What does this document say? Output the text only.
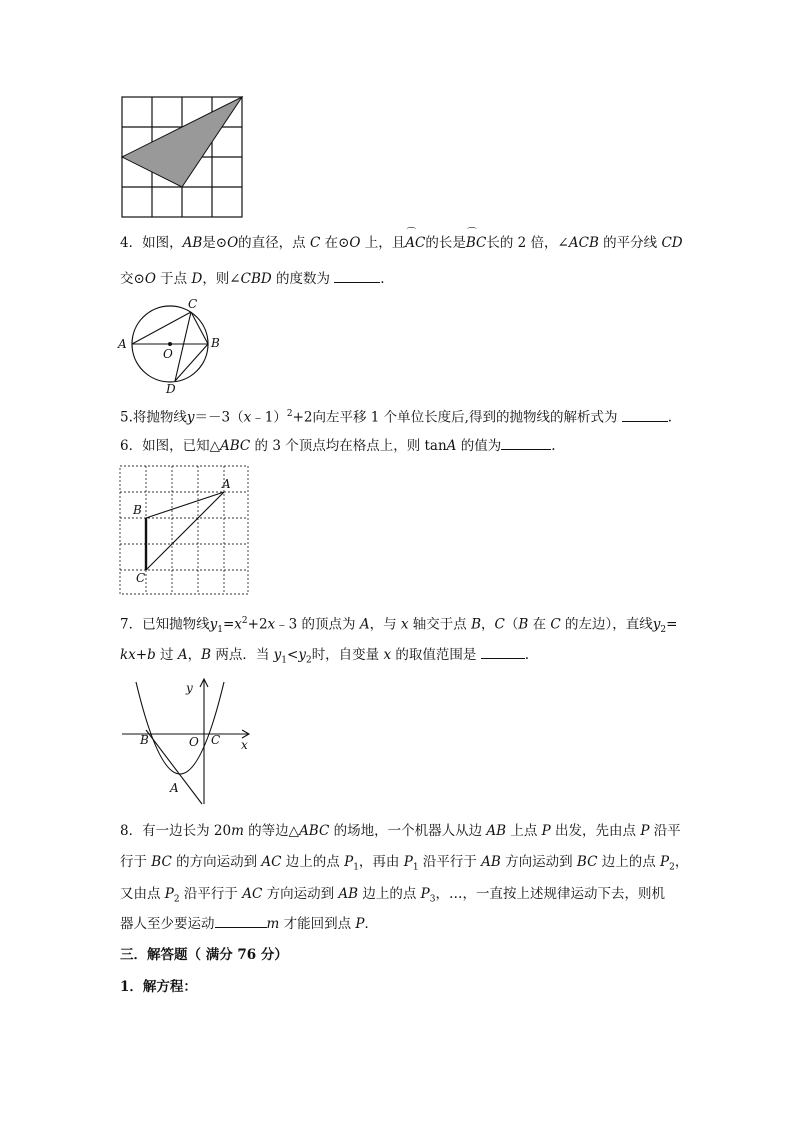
4．如图，AB是⊙O的直径，点 C 在⊙O 上，且⌒ AC的长是⌒ BC长的 2 倍，∠ACB 的平分线 CD
交⊙O 于点 D，则∠CBD 的度数为	.
A	B
C
D
O
5.将抛物线y＝－3（x﹣1）$^2$+2向左平移 1 个单位长度后,得到的抛物线的解析式为	.
6．如图，已知△ABC 的 3 个顶点均在格点上，则 tanA 的值为	.
A
B
C
7．已知抛物线$y_1=x^2+2x﹣3$ 的顶点为 A，与 x 轴交于点 B，C（B 在 C 的左边），直线$y_2=$
kx+b 过 A，B 两点．当 $y_1<y_2$时，自变量 x 的取值范围是	.
y
x
B	O C
A
8．有一边长为 20m 的等边△ABC 的场地，一个机器人从边 AB 上点 P 出发，先由点 P 沿平
行于 BC 的方向运动到 AC 边上的点 $P_1$，再由 $P_1$ 沿平行于 AB 方向运动到 BC 边上的点 $P_2$，
又由点 $P_2$ 沿平行于 AC 方向运动到 AB 边上的点 $P_3$，…，一直按上述规律运动下去，则机
器人至少要运动	m 才能回到点 P．
三．解答题（ 满分 76 分）
1．解方程：
